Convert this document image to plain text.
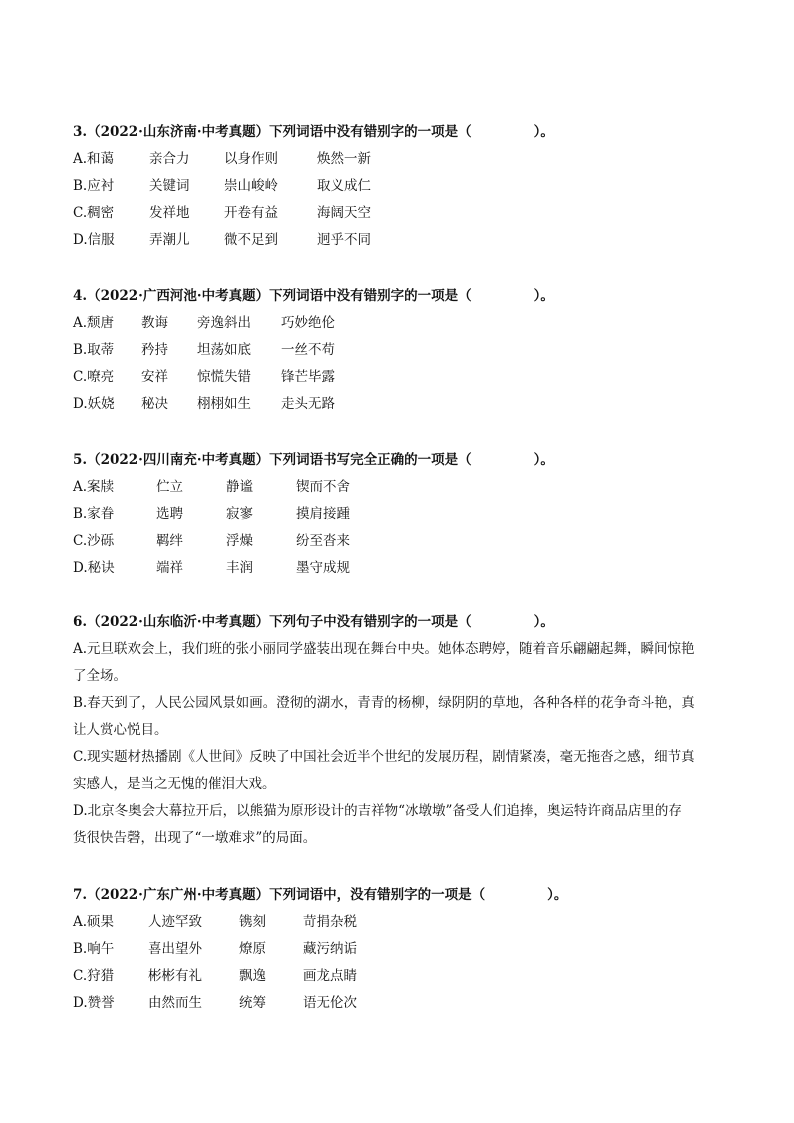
3.（2022·山东济南·中考真题）下列词语中没有错别字的一项是（	）。
A.和蔼	亲合力	以身作则	焕然一新
B.应衬	关键词	崇山峻岭	取义成仁
C.稠密	发祥地	开卷有益	海阔天空
D.信服	弄潮儿	微不足到	迥乎不同
4.（2022·广西河池·中考真题）下列词语中没有错别字的一项是（	）。
A.颓唐 教诲 旁逸斜出 巧妙绝伦
B.取蒂 矜持 坦荡如底 一丝不苟
C.嘹亮 安祥 惊慌失错 锋芒毕露
D.妖娆 秘决 栩栩如生 走头无路
5.（2022·四川南充·中考真题）下列词语书写完全正确的一项是（	）。
A.案牍	伫立	静谧	锲而不舍
B.家眷	选聘	寂寥	摸肩接踵
C.沙砾	羁绊	浮燥	纷至沓来
D.秘诀	端祥	丰润	墨守成规
6.（2022·山东临沂·中考真题）下列句子中没有错别字的一项是（	）。
A.元旦联欢会上，我们班的张小丽同学盛装出现在舞台中央。她体态聘婷，随着音乐翩翩起舞，瞬间惊艳
了全场。
B.春天到了，人民公园风景如画。澄彻的湖水，青青的杨柳，绿阴阴的草地，各种各样的花争奇斗艳，真
让人赏心悦目。
C.现实题材热播剧《人世间》反映了中国社会近半个世纪的发展历程，剧情紧凑，毫无拖沓之感，细节真
实感人，是当之无愧的催泪大戏。
D.北京冬奥会大幕拉开后，以熊猫为原形设计的吉祥物“冰墩墩”备受人们追捧，奥运特许商品店里的存
货很快告磬，出现了“一墩难求”的局面。
7.（2022·广东广州·中考真题）下列词语中，没有错别字的一项是（	）。
A.硕果	人迹罕致	镌刻	苛捐杂税
B.响午	喜出望外	燎原	藏污纳诟
C.狩猎	彬彬有礼	飘逸	画龙点睛
D.赞誉 由然而生	统筹	语无伦次
